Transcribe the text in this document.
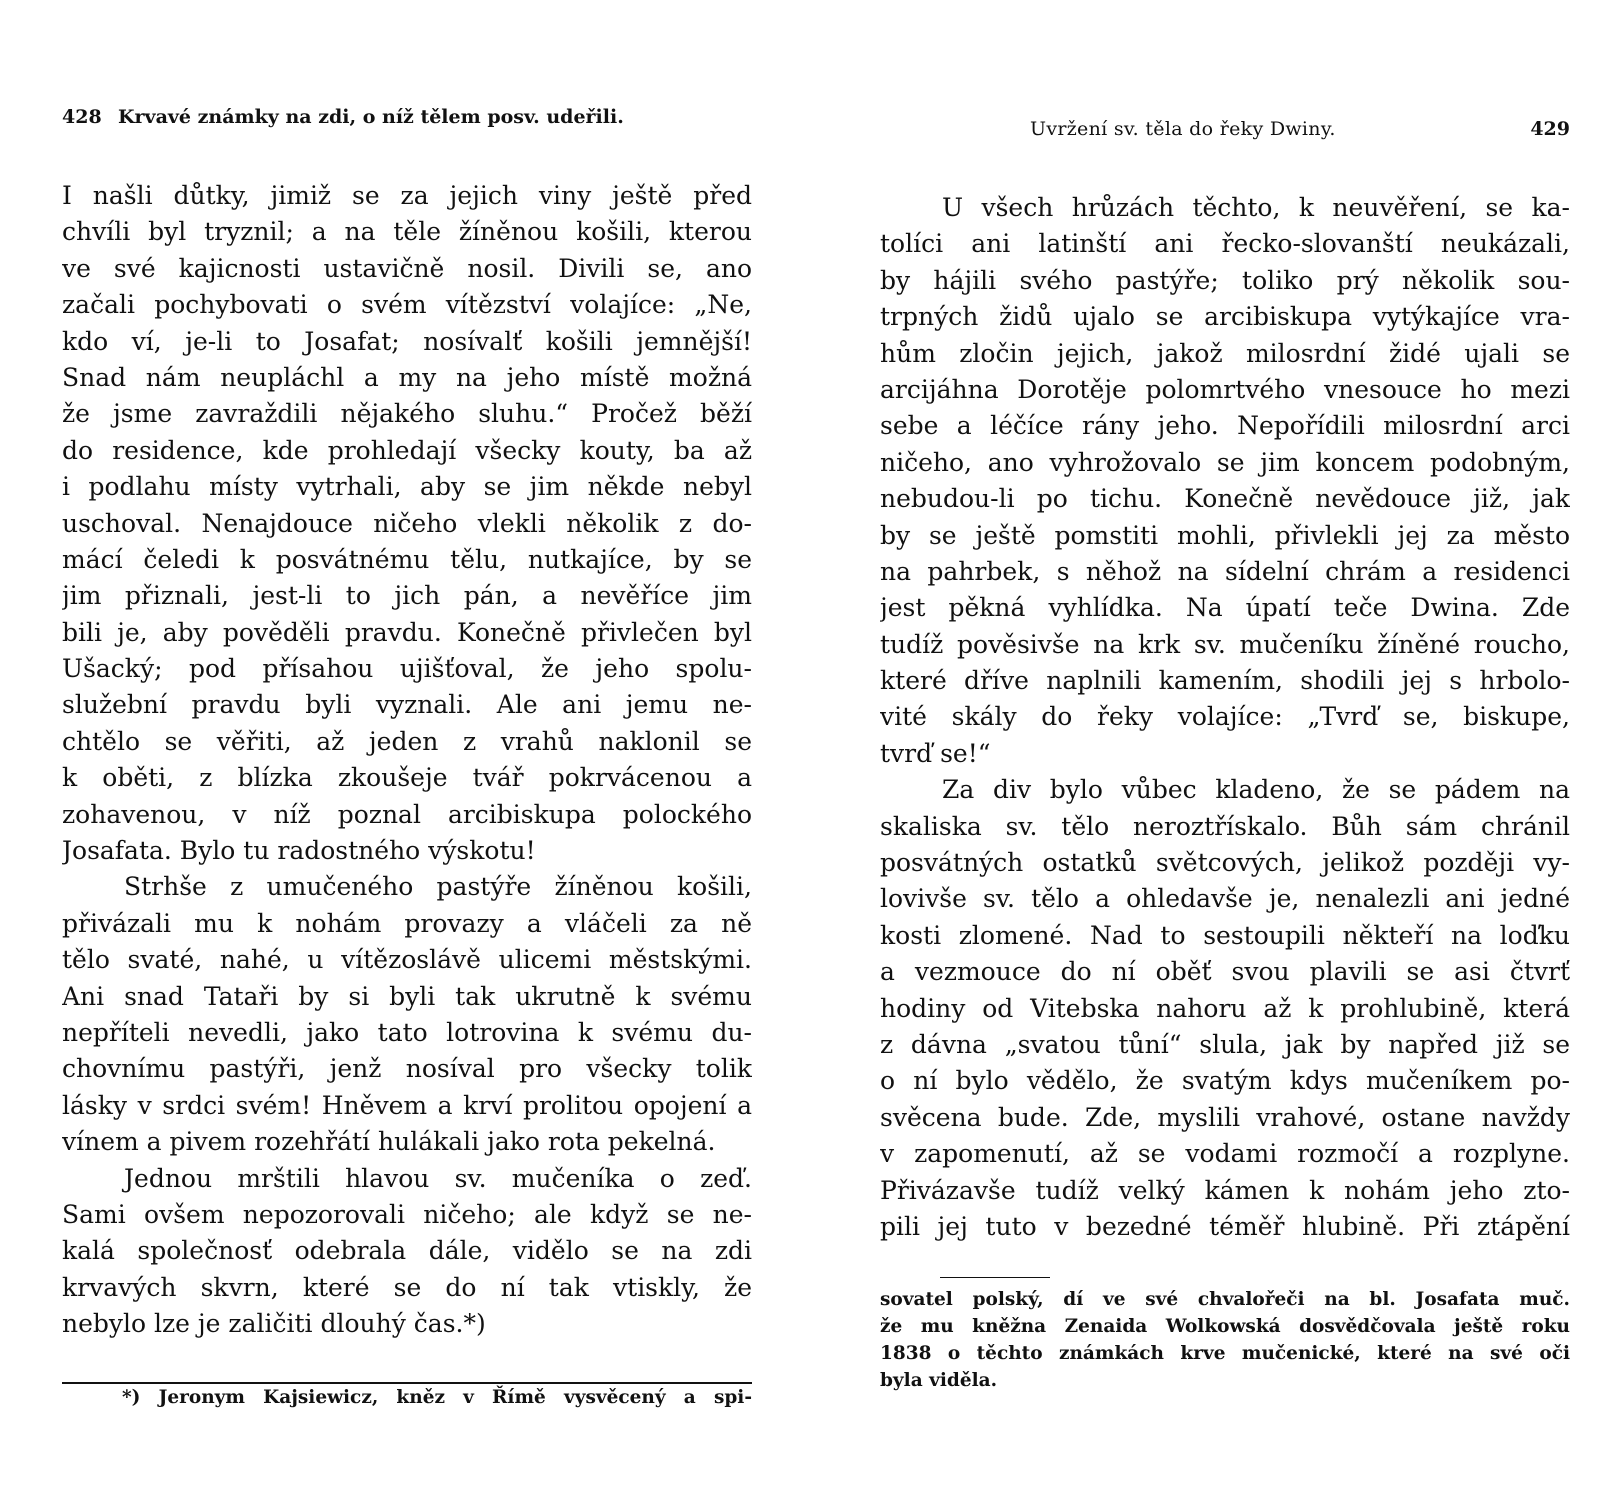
428 Krvavé známky na zdi, o níž tělem posv. udeřili.
I našli důtky, jimiž se za jejich viny ještě před
chvíli byl tryznil; a na těle žíněnou košili, kterou
ve své kajicnosti ustavičně nosil. Divili se, ano
začali pochybovati o svém vítězství volajíce: „Ne,
kdo ví, je-li to Josafat; nosívalť košili jemnější!
Snad nám neupláchl a my na jeho místě možná
že jsme zavraždili nějakého sluhu.“ Pročež běží
do residence, kde prohledají všecky kouty, ba až
i podlahu místy vytrhali, aby se jim někde nebyl
uschoval. Nenajdouce ničeho vlekli několik z do-
mácí čeledi k posvátnému tělu, nutkajíce, by se
jim přiznali, jest-li to jich pán, a nevěříce jim
bili je, aby pověděli pravdu. Konečně přivlečen byl
Ušacký; pod přísahou ujišťoval, že jeho spolu-
služební pravdu byli vyznali. Ale ani jemu ne-
chtělo se věřiti, až jeden z vrahů naklonil se
k oběti, z blízka zkoušeje tvář pokrvácenou a
zohavenou, v níž poznal arcibiskupa polockého
Josafata. Bylo tu radostného výskotu!
Strhše z umučeného pastýře žíněnou košili,
přivázali mu k nohám provazy a vláčeli za ně
tělo svaté, nahé, u vítězoslávě ulicemi městskými.
Ani snad Tataři by si byli tak ukrutně k svému
nepříteli nevedli, jako tato lotrovina k svému du-
chovnímu pastýři, jenž nosíval pro všecky tolik
lásky v srdci svém! Hněvem a krví prolitou opojení a
vínem a pivem rozehřátí hulákali jako rota pekelná.
Jednou mrštili hlavou sv. mučeníka o zeď.
Sami ovšem nepozorovali ničeho; ale když se ne-
kalá společnosť odebrala dále, vidělo se na zdi
krvavých skvrn, které se do ní tak vtiskly, že
nebylo lze je zaličiti dlouhý čas.*)
*) Jeronym Kajsiewicz, kněz v Římě vysvěcený a spi-
Uvržení sv. těla do řeky Dwiny.	429
U všech hrůzách těchto, k neuvěření, se ka-
tolíci ani latinští ani řecko-slovanští neukázali,
by hájili svého pastýře; toliko prý několik sou-
trpných židů ujalo se arcibiskupa vytýkajíce vra-
hům zločin jejich, jakož milosrdní židé ujali se
arcijáhna Dorotěje polomrtvého vnesouce ho mezi
sebe a léčíce rány jeho. Nepořídili milosrdní arci
ničeho, ano vyhrožovalo se jim koncem podobným,
nebudou-li po tichu. Konečně nevědouce již, jak
by se ještě pomstiti mohli, přivlekli jej za město
na pahrbek, s něhož na sídelní chrám a residenci
jest pěkná vyhlídka. Na úpatí teče Dwina. Zde
tudíž pověsivše na krk sv. mučeníku žíněné roucho,
které dříve naplnili kamením, shodili jej s hrbolo-
vité skály do řeky volajíce: „Tvrď se, biskupe,
tvrď se!“
Za div bylo vůbec kladeno, že se pádem na
skaliska sv. tělo neroztřískalo. Bůh sám chránil
posvátných ostatků světcových, jelikož později vy-
lovivše sv. tělo a ohledavše je, nenalezli ani jedné
kosti zlomené. Nad to sestoupili někteří na loďku
a vezmouce do ní oběť svou plavili se asi čtvrť
hodiny od Vitebska nahoru až k prohlubině, která
z dávna „svatou tůní“ slula, jak by napřed již se
o ní bylo vědělo, že svatým kdys mučeníkem po-
svěcena bude. Zde, myslili vrahové, ostane navždy
v zapomenutí, až se vodami rozmočí a rozplyne.
Přivázavše tudíž velký kámen k nohám jeho zto-
pili jej tuto v bezedné téměř hlubině. Při ztápění
sovatel polský, dí ve své chvalořeči na bl. Josafata muč.
že mu kněžna Zenaida Wolkowská dosvědčovala ještě roku
1838 o těchto známkách krve mučenické, které na své oči
byla viděla.
